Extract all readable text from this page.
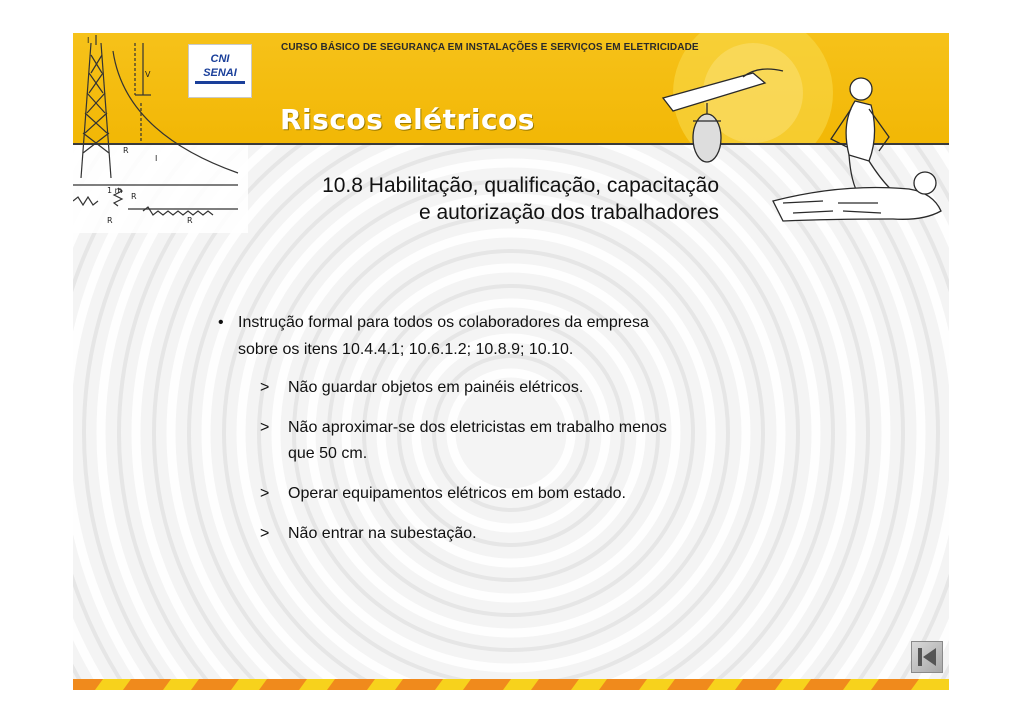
CURSO BÁSICO DE SEGURANÇA EM INSTALAÇÕES E SERVIÇOS EM ELETRICIDADE
CNI
SENAI
Riscos elétricos
I
V
R
I
1 m
R
R	R
10.8 Habilitação, qualificação, capacitação
e autorização dos trabalhadores
• Instrução formal para todos os colaboradores da empresa
sobre os itens 10.4.4.1; 10.6.1.2; 10.8.9; 10.10.
> Não guardar objetos em painéis elétricos.
> Não aproximar-se dos eletricistas em trabalho menos
que 50 cm.
> Operar equipamentos elétricos em bom estado.
> Não entrar na subestação.
